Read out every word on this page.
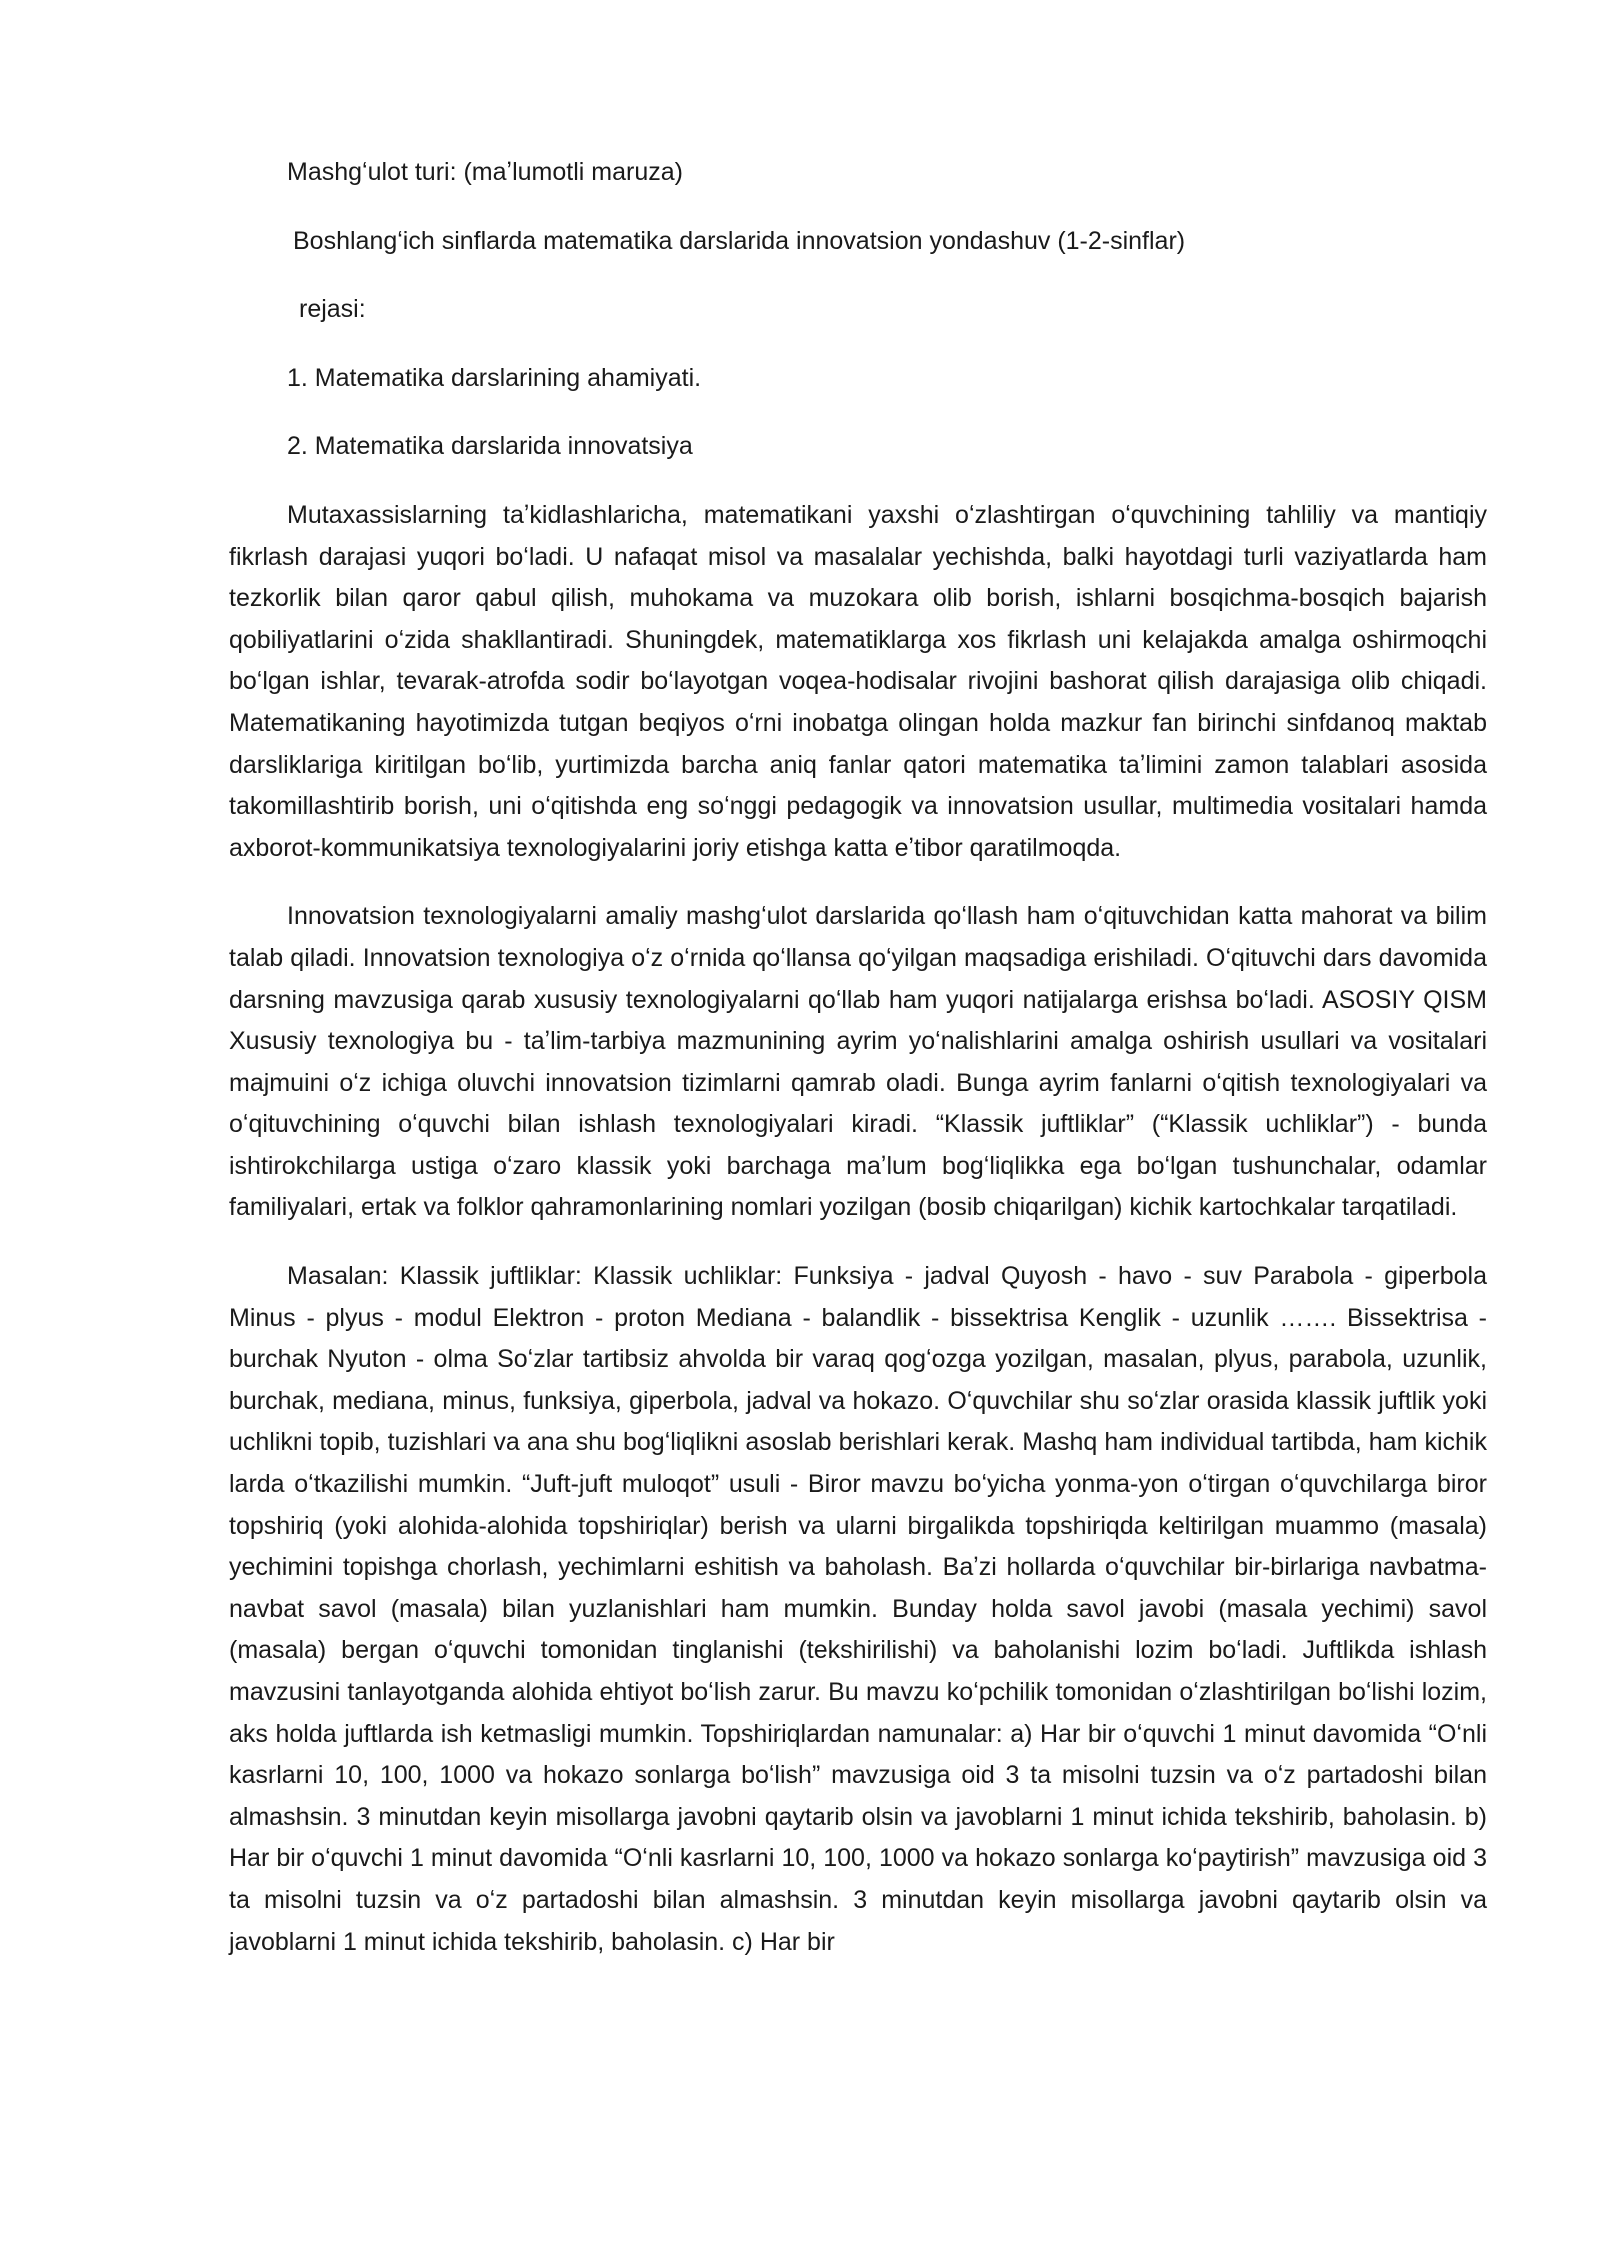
Mashgʻulot turi: (maʼlumotli maruza)

Boshlangʻich sinflarda matematika darslarida innovatsion yondashuv (1-2-sinflar)

rejasi:

1. Matematika darslarining ahamiyati.

2. Matematika darslarida innovatsiya

Mutaxassislarning taʼkidlashlaricha, matematikani yaxshi oʻzlashtirgan oʻquvchining tahliliy va mantiqiy fikrlash darajasi yuqori boʻladi. U nafaqat misol va masalalar yechishda, balki hayotdagi turli vaziyatlarda ham tezkorlik bilan qaror qabul qilish, muhokama va muzokara olib borish, ishlarni bosqichma-bosqich bajarish qobiliyatlarini oʻzida shakllantiradi. Shuningdek, matematiklarga xos fikrlash uni kelajakda amalga oshirmoqchi boʻlgan ishlar, tevarak-atrofda sodir boʻlayotgan voqea-hodisalar rivojini bashorat qilish darajasiga olib chiqadi. Matematikaning hayotimizda tutgan beqiyos oʻrni inobatga olingan holda mazkur fan birinchi sinfdanoq maktab darsliklariga kiritilgan boʻlib, yurtimizda barcha aniq fanlar qatori matematika taʼlimini zamon talablari asosida takomillashtirib borish, uni oʻqitishda eng soʻnggi pedagogik va innovatsion usullar, multimedia vositalari hamda axborot-kommunikatsiya texnologiyalarini joriy etishga katta eʼtibor qaratilmoqda.

Innovatsion texnologiyalarni amaliy mashgʻulot darslarida qoʻllash ham oʻqituvchidan katta mahorat va bilim talab qiladi. Innovatsion texnologiya oʻz oʻrnida qoʻllansa qoʻyilgan maqsadiga erishiladi. Oʻqituvchi dars davomida darsning mavzusiga qarab xususiy texnologiyalarni qoʻllab ham yuqori natijalarga erishsa boʻladi. ASOSIY QISM Xususiy texnologiya bu - taʼlim-tarbiya mazmunining ayrim yoʻnalishlarini amalga oshirish usullari va vositalari majmuini oʻz ichiga oluvchi innovatsion tizimlarni qamrab oladi. Bunga ayrim fanlarni oʻqitish texnologiyalari va oʻqituvchining oʻquvchi bilan ishlash texnologiyalari kiradi. “Klassik juftliklar” (“Klassik uchliklar”) - bunda ishtirokchilarga ustiga oʻzaro klassik yoki barchaga maʼlum bogʻliqlikka ega boʻlgan tushunchalar, odamlar familiyalari, ertak va folklor qahramonlarining nomlari yozilgan (bosib chiqarilgan) kichik kartochkalar tarqatiladi.

Masalan: Klassik juftliklar: Klassik uchliklar: Funksiya - jadval Quyosh - havo - suv Parabola - giperbola Minus - plyus - modul Elektron - proton Mediana - balandlik - bissektrisa Kenglik - uzunlik ……. Bissektrisa - burchak Nyuton - olma Soʻzlar tartibsiz ahvolda bir varaq qogʻozga yozilgan, masalan, plyus, parabola, uzunlik, burchak, mediana, minus, funksiya, giperbola, jadval va hokazo. Oʻquvchilar shu soʻzlar orasida klassik juftlik yoki uchlikni topib, tuzishlari va ana shu bogʻliqlikni asoslab berishlari kerak. Mashq ham individual tartibda, ham kichik larda oʻtkazilishi mumkin. “Juft-juft muloqot” usuli - Biror mavzu boʻyicha yonma-yon oʻtirgan oʻquvchilarga biror topshiriq (yoki alohida-alohida topshiriqlar) berish va ularni birgalikda topshiriqda keltirilgan muammo (masala) yechimini topishga chorlash, yechimlarni eshitish va baholash. Baʼzi hollarda oʻquvchilar bir-birlariga navbatma-navbat savol (masala) bilan yuzlanishlari ham mumkin. Bunday holda savol javobi (masala yechimi) savol (masala) bergan oʻquvchi tomonidan tinglanishi (tekshirilishi) va baholanishi lozim boʻladi. Juftlikda ishlash mavzusini tanlayotganda alohida ehtiyot boʻlish zarur. Bu mavzu koʻpchilik tomonidan oʻzlashtirilgan boʻlishi lozim, aks holda juftlarda ish ketmasligi mumkin. Topshiriqlardan namunalar: a) Har bir oʻquvchi 1 minut davomida “Oʻnli kasrlarni 10, 100, 1000 va hokazo sonlarga boʻlish” mavzusiga oid 3 ta misolni tuzsin va oʻz partadoshi bilan almashsin. 3 minutdan keyin misollarga javobni qaytarib olsin va javoblarni 1 minut ichida tekshirib, baholasin. b) Har bir oʻquvchi 1 minut davomida “Oʻnli kasrlarni 10, 100, 1000 va hokazo sonlarga koʻpaytirish” mavzusiga oid 3 ta misolni tuzsin va oʻz partadoshi bilan almashsin. 3 minutdan keyin misollarga javobni qaytarib olsin va javoblarni 1 minut ichida tekshirib, baholasin. c) Har bir
